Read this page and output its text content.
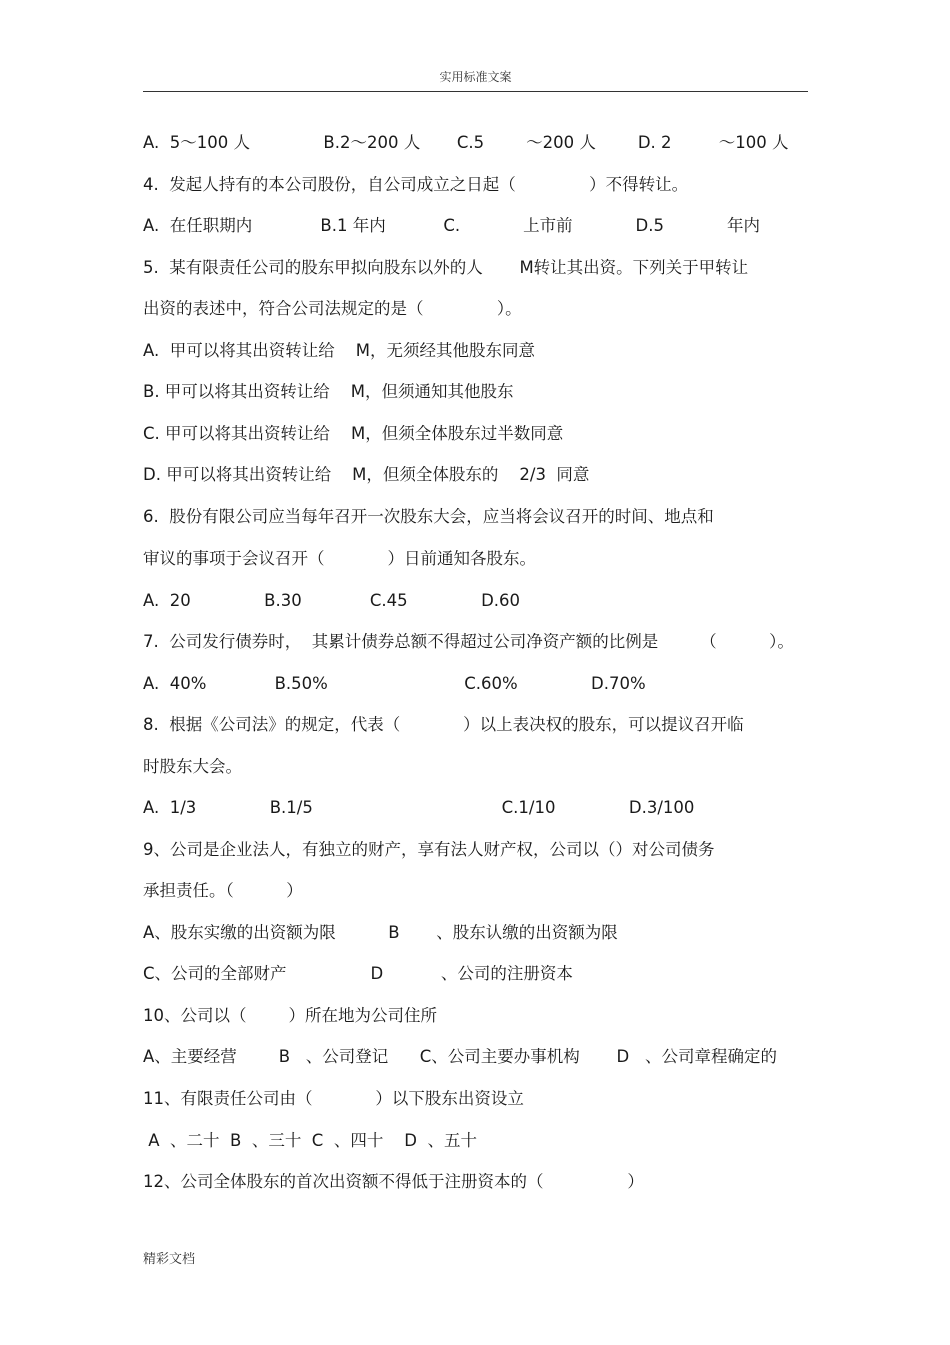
实用标准文案
A.  5～100 人              B.2～200 人       C.5        ～200 人        D. 2         ～100 人
4.  发起人持有的本公司股份，自公司成立之日起（              ）不得转让。
A.  在任职期内             B.1 年内           C.            上市前            D.5            年内
5.  某有限责任公司的股东甲拟向股东以外的人       M转让其出资。下列关于甲转让
出资的表述中，符合公司法规定的是（              ）。
A.  甲可以将其出资转让给    M，无须经其他股东同意
B. 甲可以将其出资转让给    M，但须通知其他股东
C. 甲可以将其出资转让给    M，但须全体股东过半数同意
D. 甲可以将其出资转让给    M，但须全体股东的    2/3  同意
6.  股份有限公司应当每年召开一次股东大会，应当将会议召开的时间、地点和
审议的事项于会议召开（            ）日前通知各股东。
A.  20              B.30             C.45              D.60
7.  公司发行债券时，  其累计债券总额不得超过公司净资产额的比例是        （          ）。
A.  40%             B.50%                          C.60%              D.70%
8.  根据《公司法》的规定，代表（            ）以上表决权的股东，可以提议召开临
时股东大会。
A.  1/3              B.1/5                                    C.1/10              D.3/100
9、公司是企业法人，有独立的财产，享有法人财产权，公司以（）对公司债务
承担责任。（          ）
A、股东实缴的出资额为限          B       、股东认缴的出资额为限
C、公司的全部财产                D           、公司的注册资本
10、公司以（        ）所在地为公司住所
A、主要经营        B   、公司登记      C、公司主要办事机构       D   、公司章程确定的
11、有限责任公司由（            ）以下股东出资设立
A  、二十  B  、三十  C  、四十    D  、五十
12、公司全体股东的首次出资额不得低于注册资本的（                ）
精彩文档
